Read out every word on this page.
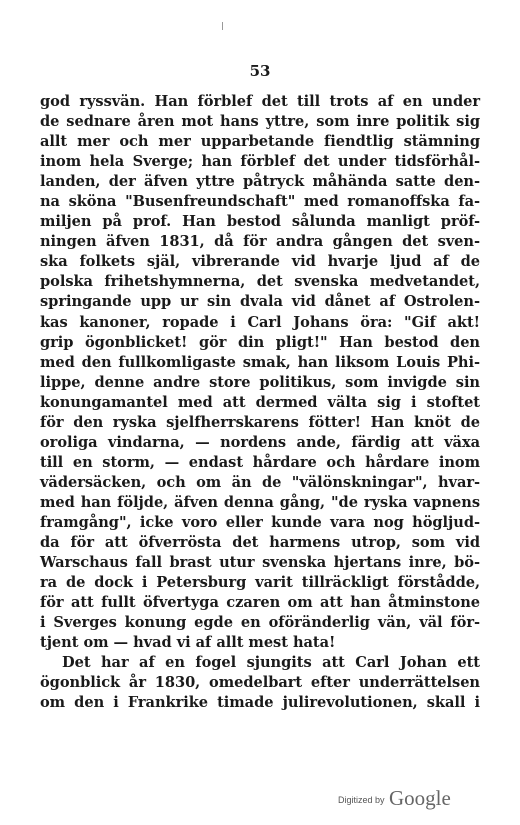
53
god ryssvän. Han förblef det till trots af en under
de sednare åren mot hans yttre, som inre politik sig
allt mer och mer upparbetande fiendtlig stämning
inom hela Sverge; han förblef det under tidsförhål-
landen, der äfven yttre påtryck måhända satte den-
na sköna "Busenfreundschaft" med romanoffska fa-
miljen på prof. Han bestod sålunda manligt pröf-
ningen äfven 1831, då för andra gången det sven-
ska folkets själ, vibrerande vid hvarje ljud af de
polska frihetshymnerna, det svenska medvetandet,
springande upp ur sin dvala vid dånet af Ostrolen-
kas kanoner, ropade i Carl Johans öra: "Gif akt!
grip ögonblicket! gör din pligt!" Han bestod den
med den fullkomligaste smak, han liksom Louis Phi-
lippe, denne andre store politikus, som invigde sin
konungamantel med att dermed välta sig i stoftet
för den ryska sjelfherrskarens fötter! Han knöt de
oroliga vindarna, — nordens ande, färdig att växa
till en storm, — endast hårdare och hårdare inom
vädersäcken, och om än de "välönskningar", hvar-
med han följde, äfven denna gång, "de ryska vapnens
framgång", icke voro eller kunde vara nog högljud-
da för att öfverrösta det harmens utrop, som vid
Warschaus fall brast utur svenska hjertans inre, bö-
ra de dock i Petersburg varit tillräckligt förstådde,
för att fullt öfvertyga czaren om att han åtminstone
i Sverges konung egde en oföränderlig vän, väl för-
tjent om — hvad vi af allt mest hata!
Det har af en fogel sjungits att Carl Johan ett
ögonblick år 1830, omedelbart efter underrättelsen
om den i Frankrike timade julirevolutionen, skall i
Digitized by Google
